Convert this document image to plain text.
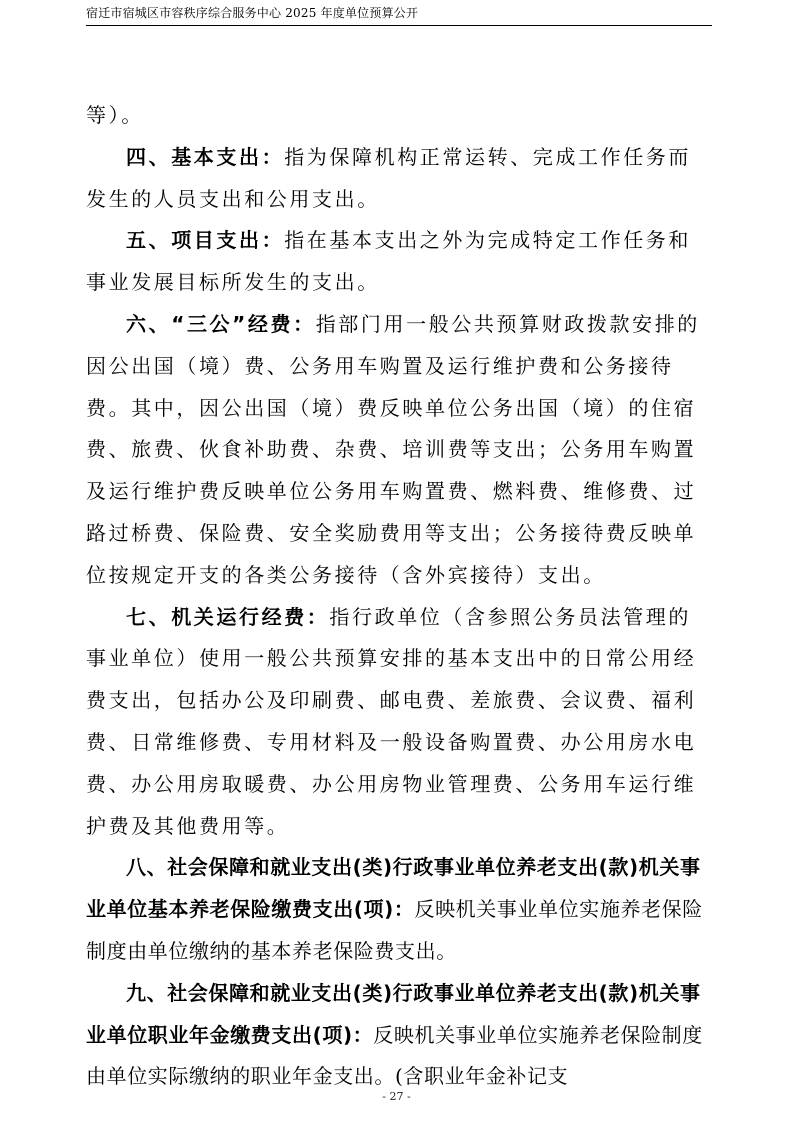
宿迁市宿城区市容秩序综合服务中心 2025 年度单位预算公开

等）。

四、基本支出：指为保障机构正常运转、完成工作任务而发生的人员支出和公用支出。

五、项目支出：指在基本支出之外为完成特定工作任务和事业发展目标所发生的支出。

六、“三公”经费：指部门用一般公共预算财政拨款安排的因公出国（境）费、公务用车购置及运行维护费和公务接待费。其中，因公出国（境）费反映单位公务出国（境）的住宿费、旅费、伙食补助费、杂费、培训费等支出；公务用车购置及运行维护费反映单位公务用车购置费、燃料费、维修费、过路过桥费、保险费、安全奖励费用等支出；公务接待费反映单位按规定开支的各类公务接待（含外宾接待）支出。

七、机关运行经费：指行政单位（含参照公务员法管理的事业单位）使用一般公共预算安排的基本支出中的日常公用经费支出，包括办公及印刷费、邮电费、差旅费、会议费、福利费、日常维修费、专用材料及一般设备购置费、办公用房水电费、办公用房取暖费、办公用房物业管理费、公务用车运行维护费及其他费用等。

八、社会保障和就业支出(类)行政事业单位养老支出(款)机关事业单位基本养老保险缴费支出(项)：反映机关事业单位实施养老保险制度由单位缴纳的基本养老保险费支出。

九、社会保障和就业支出(类)行政事业单位养老支出(款)机关事业单位职业年金缴费支出(项)：反映机关事业单位实施养老保险制度由单位实际缴纳的职业年金支出。(含职业年金补记支

- 27 -
